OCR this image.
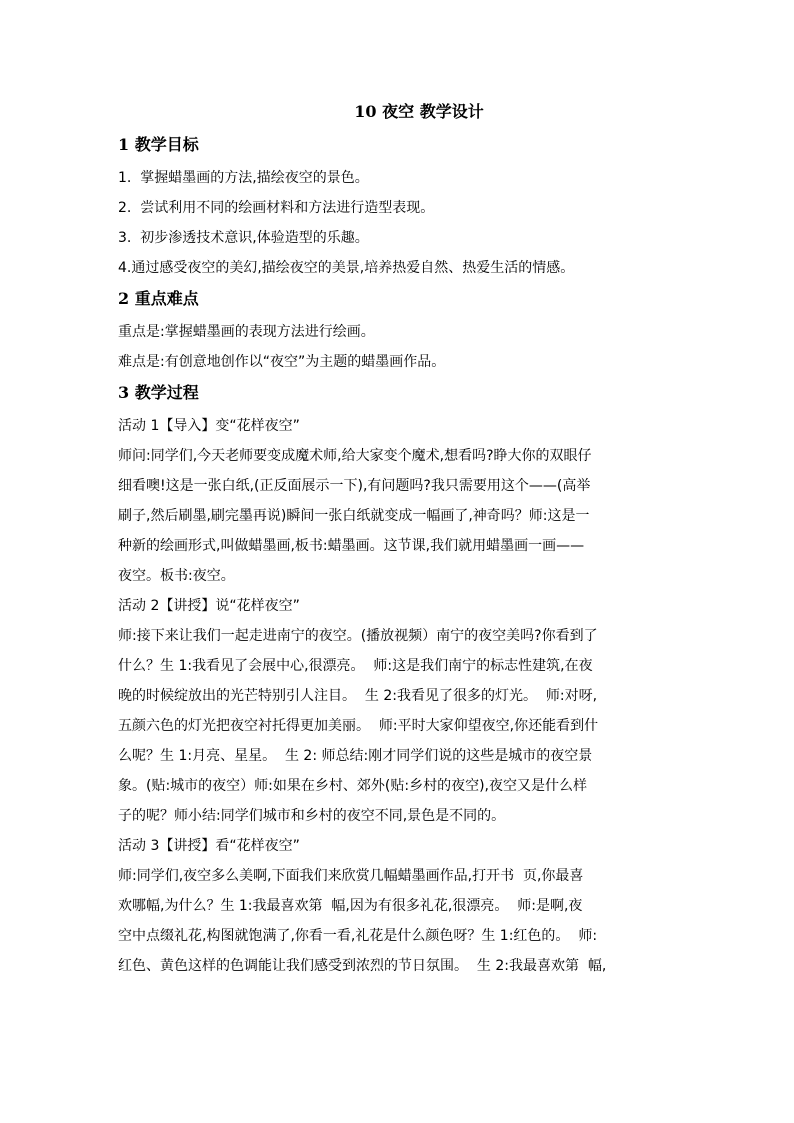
10 夜空 教学设计
1 教学目标
1.  掌握蜡墨画的方法,描绘夜空的景色。
2.  尝试利用不同的绘画材料和方法进行造型表现。
3.  初步渗透技术意识,体验造型的乐趣。
4.通过感受夜空的美幻,描绘夜空的美景,培养热爱自然、热爱生活的情感。
2 重点难点
重点是:掌握蜡墨画的表现方法进行绘画。
难点是:有创意地创作以“夜空”为主题的蜡墨画作品。
3 教学过程
活动 1【导入】变“花样夜空”
师问:同学们,今天老师要变成魔术师,给大家变个魔术,想看吗?睁大你的双眼仔
细看噢!这是一张白纸,(正反面展示一下),有问题吗?我只需要用这个——(高举
刷子,然后刷墨,刷完墨再说)瞬间一张白纸就变成一幅画了,神奇吗？师:这是一
种新的绘画形式,叫做蜡墨画,板书:蜡墨画。这节课,我们就用蜡墨画一画——
夜空。板书:夜空。
活动 2【讲授】说“花样夜空”
师:接下来让我们一起走进南宁的夜空。(播放视频）南宁的夜空美吗?你看到了
什么？生 1:我看见了会展中心,很漂亮。  师:这是我们南宁的标志性建筑,在夜
晚的时候绽放出的光芒特别引人注目。  生 2:我看见了很多的灯光。  师:对呀,
五颜六色的灯光把夜空衬托得更加美丽。  师:平时大家仰望夜空,你还能看到什
么呢？生 1:月亮、星星。  生 2: 师总结:刚才同学们说的这些是城市的夜空景
象。(贴:城市的夜空）师:如果在乡村、郊外(贴:乡村的夜空),夜空又是什么样
子的呢？师小结:同学们城市和乡村的夜空不同,景色是不同的。
活动 3【讲授】看“花样夜空”
师:同学们,夜空多么美啊,下面我们来欣赏几幅蜡墨画作品,打开书  页,你最喜
欢哪幅,为什么？生 1:我最喜欢第  幅,因为有很多礼花,很漂亮。  师:是啊,夜
空中点缀礼花,构图就饱满了,你看一看,礼花是什么颜色呀？生 1:红色的。  师:
红色、黄色这样的色调能让我们感受到浓烈的节日氛围。  生 2:我最喜欢第  幅,
